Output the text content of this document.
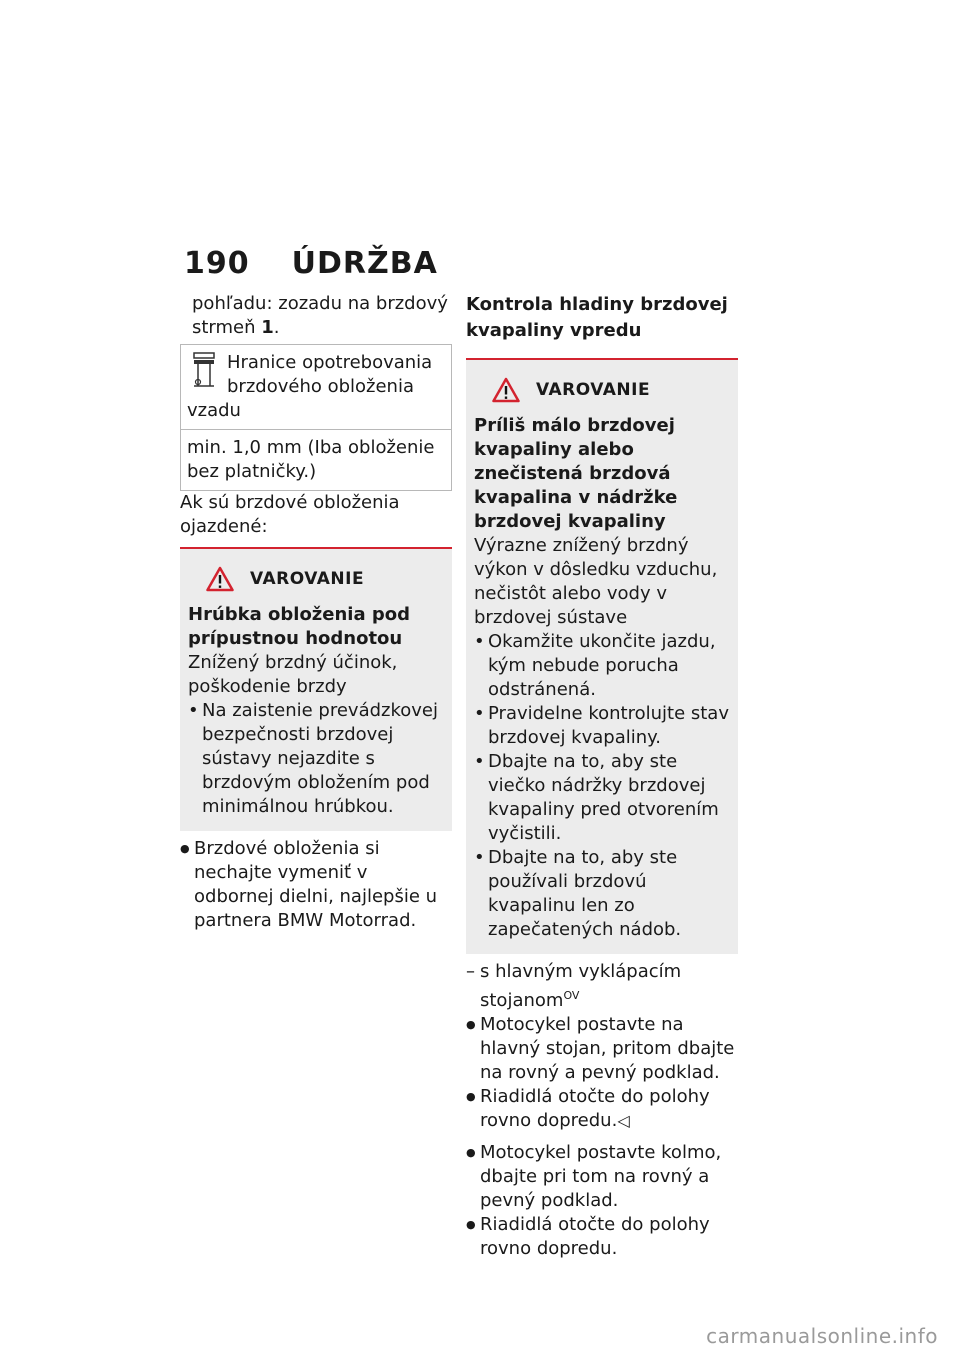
190 ÚDRŽBA
pohľadu: zozadu na brzdový
strmeň 1.
Hranice opotrebovania
brzdového obloženia
vzadu
min. 1,0 mm (Iba obloženie bez platničky.)

Ak sú brzdové obloženia ojazdené:

VAROVANIE
Hrúbka obloženia pod prípustnou hodnotou
Znížený brzdný účinok, poškodenie brzdy
• Na zaistenie prevádzkovej bezpečnosti brzdovej sústavy nejazdite s brzdovým obložením pod minimálnou hrúbkou.
● Brzdové obloženia si nechajte vymeniť v odbornej dielni, najlepšie u partnera BMW Motorrad.
Kontrola hladiny brzdovej kvapaliny vpredu
VAROVANIE
Príliš málo brzdovej kvapaliny alebo znečistená brzdová kvapalina v nádržke brzdovej kvapaliny
Výrazne znížený brzdný výkon v dôsledku vzduchu, nečistôt alebo vody v brzdovej sústave
• Okamžite ukončite jazdu, kým nebude porucha odstránená.
• Pravidelne kontrolujte stav brzdovej kvapaliny.
• Dbajte na to, aby ste viečko nádržky brzdovej kvapaliny pred otvorením vyčistili.
• Dbajte na to, aby ste používali brzdovú kvapalinu len zo zapečatených nádob.
– s hlavným vyklápacím stojanom$^{OV}$
● Motocykel postavte na hlavný stojan, pritom dbajte na rovný a pevný podklad.
● Riadidlá otočte do polohy rovno dopredu.◁
● Motocykel postavte kolmo, dbajte pri tom na rovný a pevný podklad.
● Riadidlá otočte do polohy rovno dopredu.
carmanualsonline.info
